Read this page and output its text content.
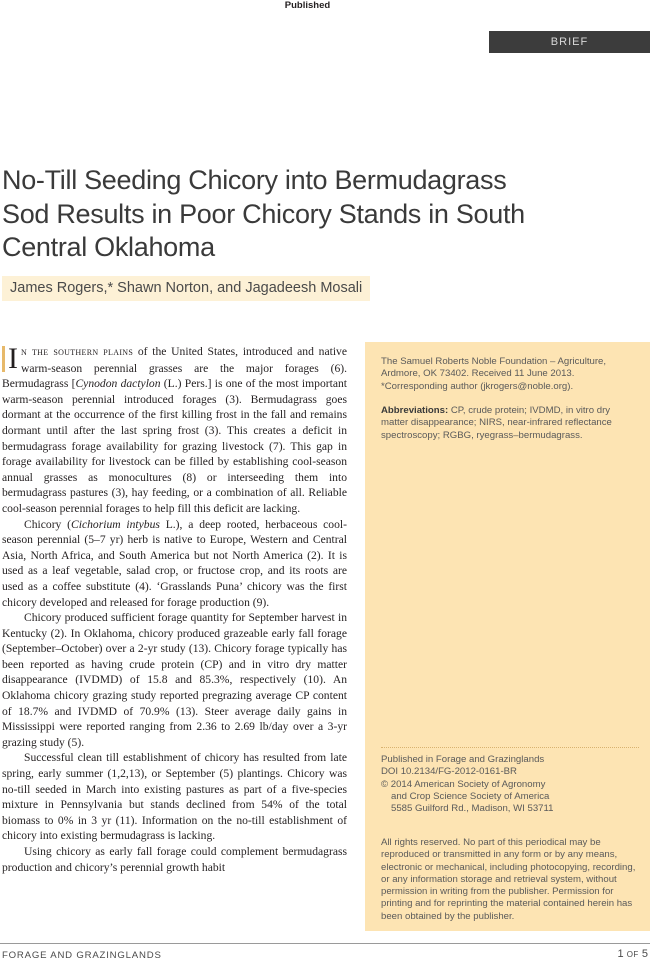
Published
BRIEF
No-Till Seeding Chicory into Bermudagrass
Sod Results in Poor Chicory Stands in South
Central Oklahoma
James Rogers,* Shawn Norton, and Jagadeesh Mosali

I n the southern plains of the United States, introduced and native warm-season perennial grasses are the major forages (6). Bermudagrass [Cynodon dactylon (L.) Pers.] is one of the most important warm-season perennial introduced forages (3). Bermudagrass goes dormant at the occurrence of the first killing frost in the fall and remains dormant until after the last spring frost (3). This creates a deficit in bermudagrass forage availability for grazing livestock (7). This gap in forage availability for livestock can be filled by establishing cool-season annual grasses as monocultures (8) or interseeding them into bermudagrass pastures (3), hay feeding, or a combination of all. Reliable cool-season perennial forages to help fill this deficit are lacking.

Chicory (Cichorium intybus L.), a deep rooted, herbaceous cool-season perennial (5–7 yr) herb is native to Europe, Western and Central Asia, North Africa, and South America but not North America (2). It is used as a leaf vegetable, salad crop, or fructose crop, and its roots are used as a coffee substitute (4). ‘Grasslands Puna’ chicory was the first chicory developed and released for forage production (9).

Chicory produced sufficient forage quantity for September harvest in Kentucky (2). In Oklahoma, chicory produced grazeable early fall forage (September–October) over a 2-yr study (13). Chicory forage typically has been reported as having crude protein (CP) and in vitro dry matter disappearance (IVDMD) of 15.8 and 85.3%, respectively (10). An Oklahoma chicory grazing study reported pregrazing average CP content of 18.7% and IVDMD of 70.9% (13). Steer average daily gains in Mississippi were reported ranging from 2.36 to 2.69 lb/day over a 3-yr grazing study (5).

Successful clean till establishment of chicory has resulted from late spring, early summer (1,2,13), or September (5) plantings. Chicory was no-till seeded in March into existing pastures as part of a five-species mixture in Pennsylvania but stands declined from 54% of the total biomass to 0% in 3 yr (11). Information on the no-till establishment of chicory into existing bermudagrass is lacking.

Using chicory as early fall forage could complement bermudagrass production and chicory’s perennial growth habit

The Samuel Roberts Noble Foundation – Agriculture,
Ardmore, OK 73402. Received 11 June 2013.
*Corresponding author (jkrogers@noble.org).
Abbreviations: CP, crude protein; IVDMD, in vitro dry matter disappearance; NIRS, near-infrared reflectance spectroscopy; RGBG, ryegrass–bermudagrass.
Published in Forage and Grazinglands
DOI 10.2134/FG-2012-0161-BR
© 2014 American Society of Agronomy
and Crop Science Society of America
5585 Guilford Rd., Madison, WI 53711
All rights reserved. No part of this periodical may be reproduced or transmitted in any form or by any means, electronic or mechanical, including photocopying, recording, or any information storage and retrieval system, without permission in writing from the publisher. Permission for printing and for reprinting the material contained herein has been obtained by the publisher.
FORAGE AND GRAZINGLANDS	1 OF 5
